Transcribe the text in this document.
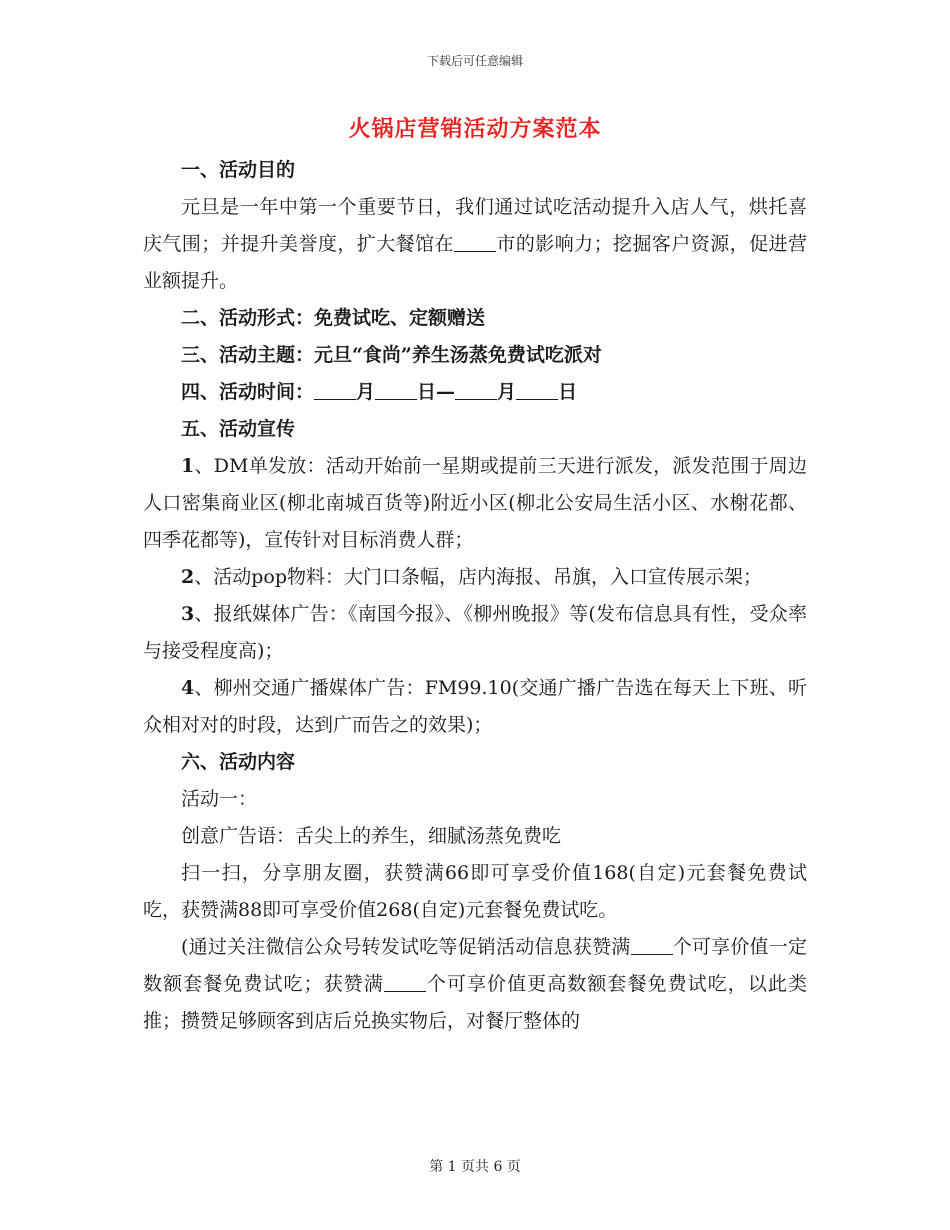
下载后可任意编辑
火锅店营销活动方案范本

一、活动目的

元旦是一年中第一个重要节日，我们通过试吃活动提升入店人气，烘托喜庆气围；并提升美誉度，扩大餐馆在 市的影响力；挖掘客户资源，促进营业额提升。

二、活动形式：免费试吃、定额赠送

三、活动主题：元旦“食尚”养生汤蒸免费试吃派对

四、活动时间： 月 日— 月 日

五、活动宣传

1、DM单发放：活动开始前一星期或提前三天进行派发，派发范围于周边人口密集商业区(柳北南城百货等)附近小区(柳北公安局生活小区、水榭花都、四季花都等)，宣传针对目标消费人群；

2、活动pop物料：大门口条幅，店内海报、吊旗，入口宣传展示架；

3、报纸媒体广告：《南国今报》、《柳州晚报》等(发布信息具有性，受众率与接受程度高)；

4、柳州交通广播媒体广告：FM99.10(交通广播广告选在每天上下班、听众相对对的时段，达到广而告之的效果)；

六、活动内容

活动一：

创意广告语：舌尖上的养生，细腻汤蒸免费吃

扫一扫，分享朋友圈，获赞满66即可享受价值168(自定)元套餐免费试吃，获赞满88即可享受价值268(自定)元套餐免费试吃。

(通过关注微信公众号转发试吃等促销活动信息获赞满 个可享价值一定数额套餐免费试吃；获赞满 个可享价值更高数额套餐免费试吃，以此类推；攒赞足够顾客到店后兑换实物后，对餐厅整体的

第 1 页共 6 页
